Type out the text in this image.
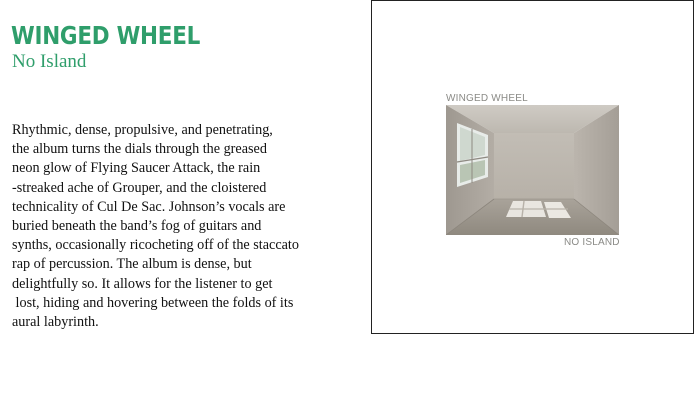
WINGED WHEEL
No Island
Rhythmic, dense, propulsive, and penetrating,
the album turns the dials through the greased
neon glow of Flying Saucer Attack, the rain
-streaked ache of Grouper, and the cloistered
technicality of Cul De Sac. Johnson’s vocals are
buried beneath the band’s fog of guitars and
synths, occasionally ricocheting off of the staccato
rap of percussion. The album is dense, but
delightfully so. It allows for the listener to get
lost, hiding and hovering between the folds of its
aural labyrinth.
WINGED WHEEL
NO ISLAND
